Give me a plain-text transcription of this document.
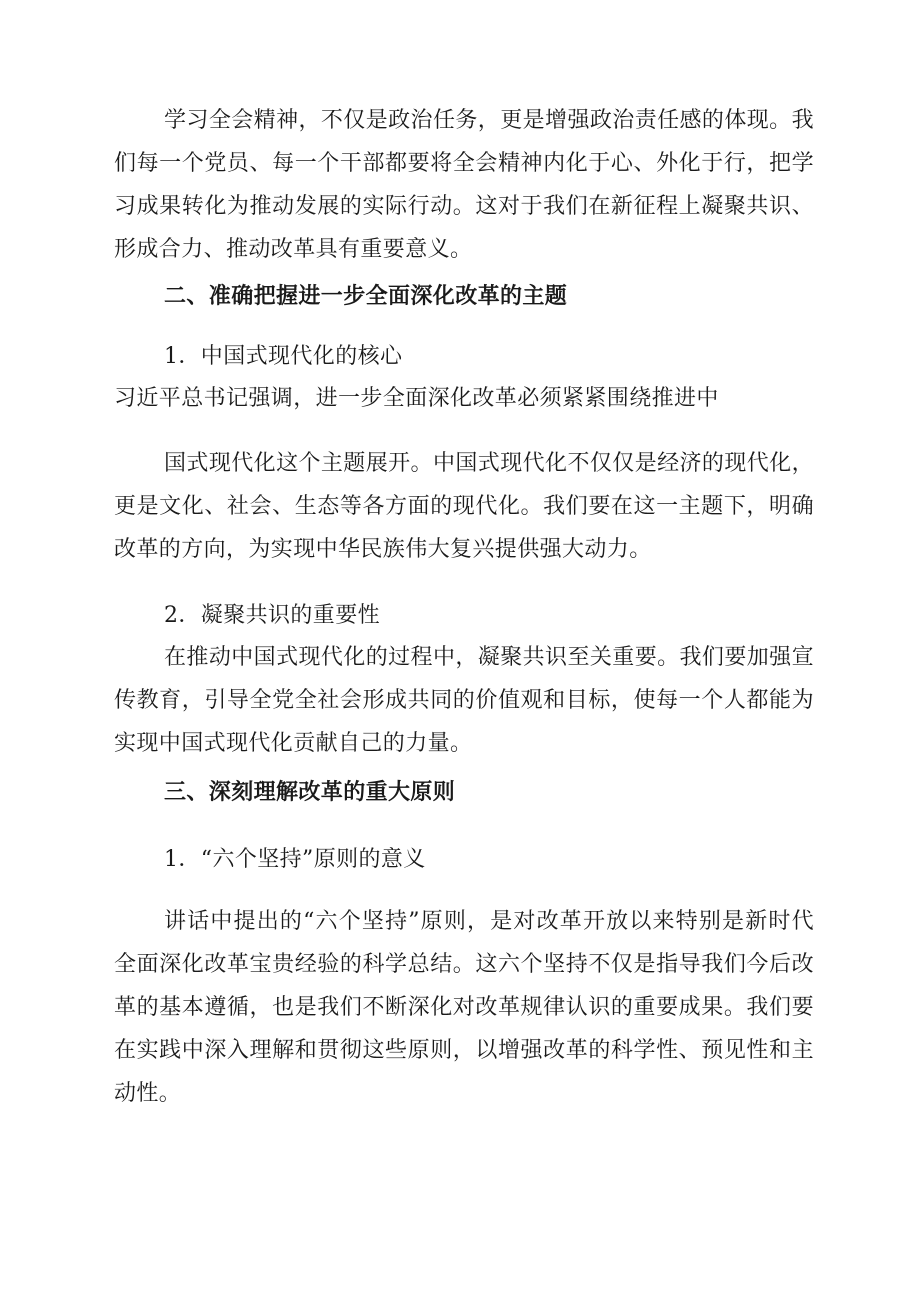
学习全会精神，不仅是政治任务，更是增强政治责任感的体现。我们每一个党员、每一个干部都要将全会精神内化于心、外化于行，把学习成果转化为推动发展的实际行动。这对于我们在新征程上凝聚共识、形成合力、推动改革具有重要意义。

二、准确把握进一步全面深化改革的主题

1．中国式现代化的核心

习近平总书记强调，进一步全面深化改革必须紧紧围绕推进中

国式现代化这个主题展开。中国式现代化不仅仅是经济的现代化，更是文化、社会、生态等各方面的现代化。我们要在这一主题下，明确改革的方向，为实现中华民族伟大复兴提供强大动力。

2．凝聚共识的重要性

在推动中国式现代化的过程中，凝聚共识至关重要。我们要加强宣传教育，引导全党全社会形成共同的价值观和目标，使每一个人都能为实现中国式现代化贡献自己的力量。

三、深刻理解改革的重大原则

1．“六个坚持”原则的意义

讲话中提出的“六个坚持”原则，是对改革开放以来特别是新时代全面深化改革宝贵经验的科学总结。这六个坚持不仅是指导我们今后改革的基本遵循，也是我们不断深化对改革规律认识的重要成果。我们要在实践中深入理解和贯彻这些原则，以增强改革的科学性、预见性和主动性。
